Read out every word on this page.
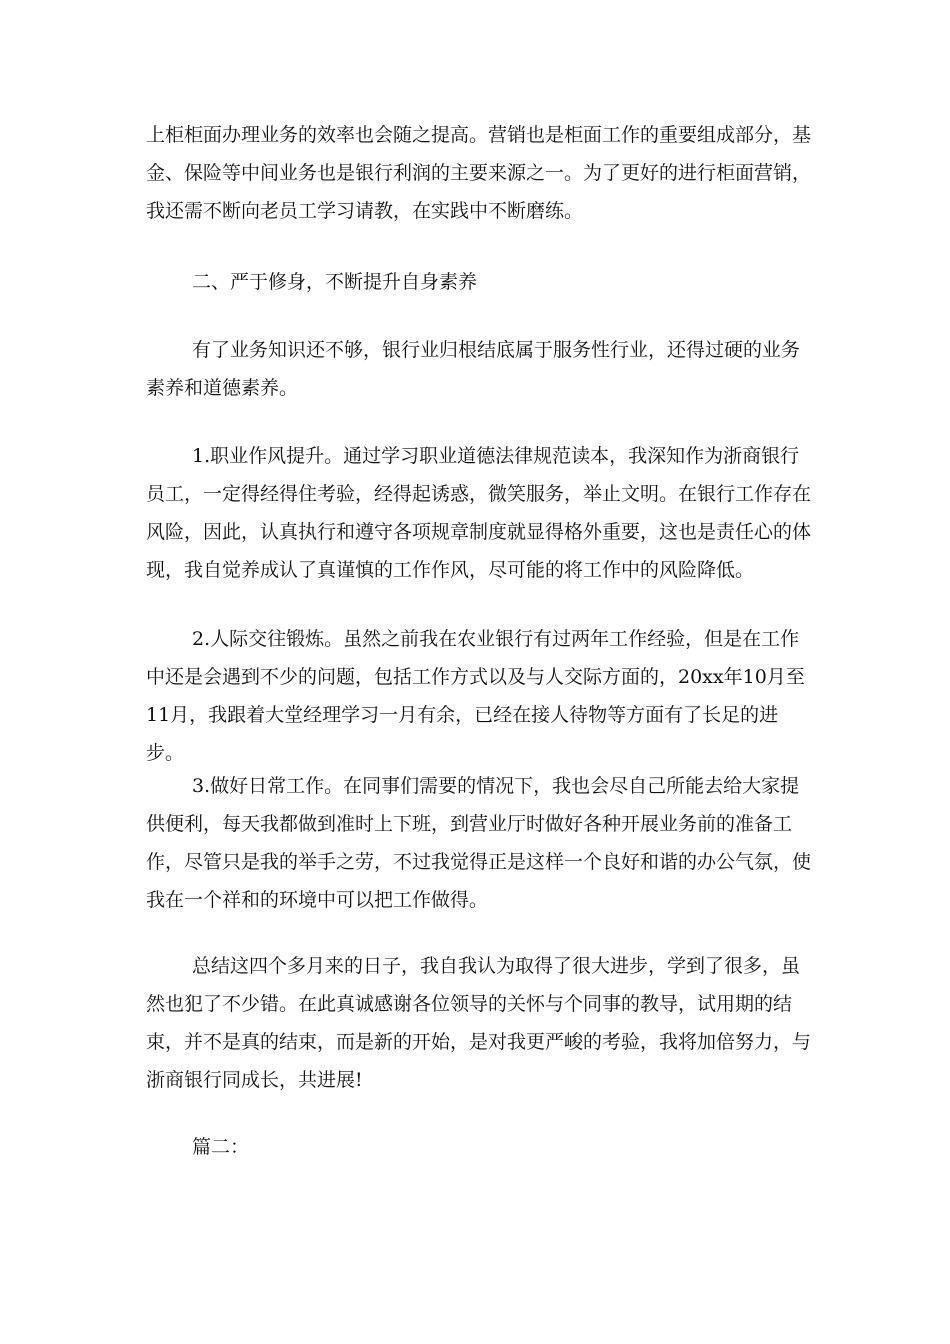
上柜柜面办理业务的效率也会随之提高。营销也是柜面工作的重要组成部分，基金、保险等中间业务也是银行利润的主要来源之一。为了更好的进行柜面营销，我还需不断向老员工学习请教，在实践中不断磨练。

二、严于修身，不断提升自身素养

有了业务知识还不够，银行业归根结底属于服务性行业，还得过硬的业务素养和道德素养。

1.职业作风提升。通过学习职业道德法律规范读本，我深知作为浙商银行员工，一定得经得住考验，经得起诱惑，微笑服务，举止文明。在银行工作存在风险，因此，认真执行和遵守各项规章制度就显得格外重要，这也是责任心的体现，我自觉养成认了真谨慎的工作作风，尽可能的将工作中的风险降低。

2.人际交往锻炼。虽然之前我在农业银行有过两年工作经验，但是在工作中还是会遇到不少的问题，包括工作方式以及与人交际方面的，20xx年10月至11月，我跟着大堂经理学习一月有余，已经在接人待物等方面有了长足的进步。

3.做好日常工作。在同事们需要的情况下，我也会尽自己所能去给大家提供便利，每天我都做到准时上下班，到营业厅时做好各种开展业务前的准备工作，尽管只是我的举手之劳，不过我觉得正是这样一个良好和谐的办公气氛，使我在一个祥和的环境中可以把工作做得。

总结这四个多月来的日子，我自我认为取得了很大进步，学到了很多，虽然也犯了不少错。在此真诚感谢各位领导的关怀与个同事的教导，试用期的结束，并不是真的结束，而是新的开始，是对我更严峻的考验，我将加倍努力，与浙商银行同成长，共进展!

篇二：
